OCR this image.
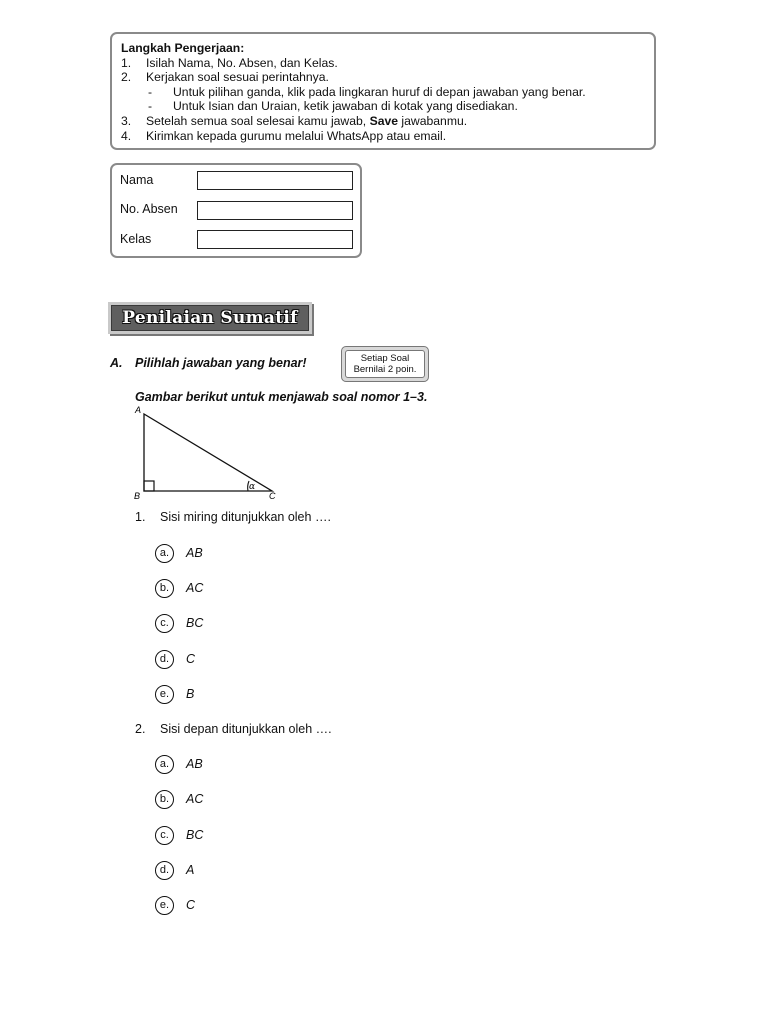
Langkah Pengerjaan:
1.	Isilah Nama, No. Absen, dan Kelas.
2.	Kerjakan soal sesuai perintahnya.
-	Untuk pilihan ganda, klik pada lingkaran huruf di depan jawaban yang benar.
-	Untuk Isian dan Uraian, ketik jawaban di kotak yang disediakan.
3.	Setelah semua soal selesai kamu jawab, Save jawabanmu.
4.	Kirimkan kepada gurumu melalui WhatsApp atau email.
Nama
No. Absen
Kelas
Penilaian Sumatif
A. Pilihlah jawaban yang benar!	Setiap Soal
Bernilai 2 poin.
Gambar berikut untuk menjawab soal nomor 1–3.
A
B	C
α
1. Sisi miring ditunjukkan oleh ….
a.	AB
b.	AC
c.	BC
d.	C
e.	B
2. Sisi depan ditunjukkan oleh ….
a.	AB
b.	AC
c.	BC
d.	A
e.	C
